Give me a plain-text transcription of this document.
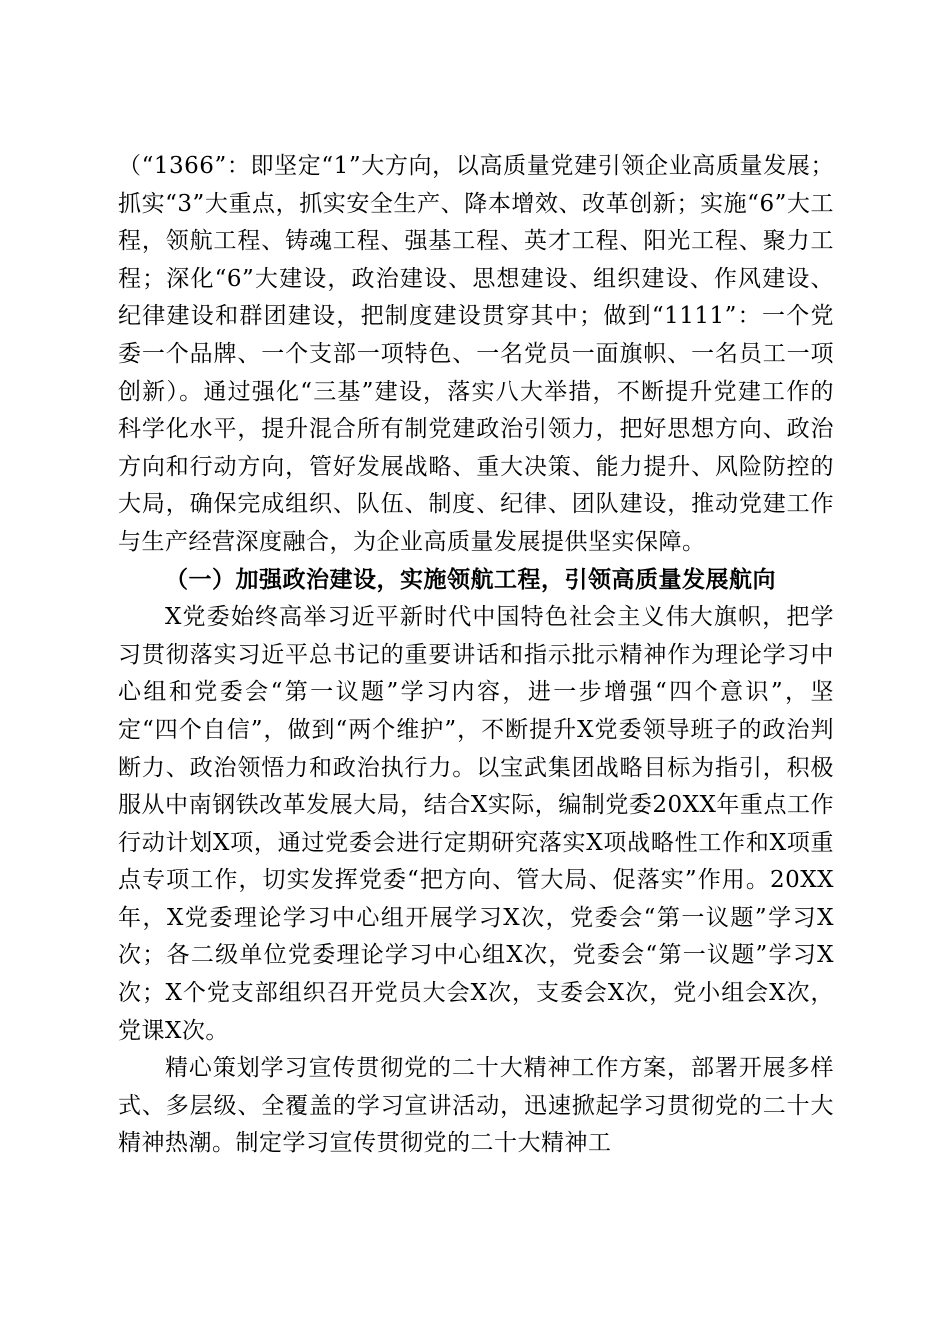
（“1366”：即坚定“1”大方向，以高质量党建引领企业高质量发展；抓实“3”大重点，抓实安全生产、降本增效、改革创新；实施“6”大工程，领航工程、铸魂工程、强基工程、英才工程、阳光工程、聚力工程；深化“6”大建设，政治建设、思想建设、组织建设、作风建设、纪律建设和群团建设，把制度建设贯穿其中；做到“1111”：一个党委一个品牌、一个支部一项特色、一名党员一面旗帜、一名员工一项创新）。通过强化“三基”建设，落实八大举措，不断提升党建工作的科学化水平，提升混合所有制党建政治引领力，把好思想方向、政治方向和行动方向，管好发展战略、重大决策、能力提升、风险防控的大局，确保完成组织、队伍、制度、纪律、团队建设，推动党建工作与生产经营深度融合，为企业高质量发展提供坚实保障。

（一）加强政治建设，实施领航工程，引领高质量发展航向

X党委始终高举习近平新时代中国特色社会主义伟大旗帜，把学习贯彻落实习近平总书记的重要讲话和指示批示精神作为理论学习中心组和党委会“第一议题”学习内容，进一步增强“四个意识”，坚定“四个自信”，做到“两个维护”，不断提升X党委领导班子的政治判断力、政治领悟力和政治执行力。以宝武集团战略目标为指引，积极服从中南钢铁改革发展大局，结合X实际，编制党委20XX年重点工作行动计划X项，通过党委会进行定期研究落实X项战略性工作和X项重点专项工作，切实发挥党委“把方向、管大局、促落实”作用。20XX年，X党委理论学习中心组开展学习X次，党委会“第一议题”学习X次；各二级单位党委理论学习中心组X次，党委会“第一议题”学习X次；X个党支部组织召开党员大会X次，支委会X次，党小组会X次，党课X次。

精心策划学习宣传贯彻党的二十大精神工作方案，部署开展多样式、多层级、全覆盖的学习宣讲活动，迅速掀起学习贯彻党的二十大精神热潮。制定学习宣传贯彻党的二十大精神工
